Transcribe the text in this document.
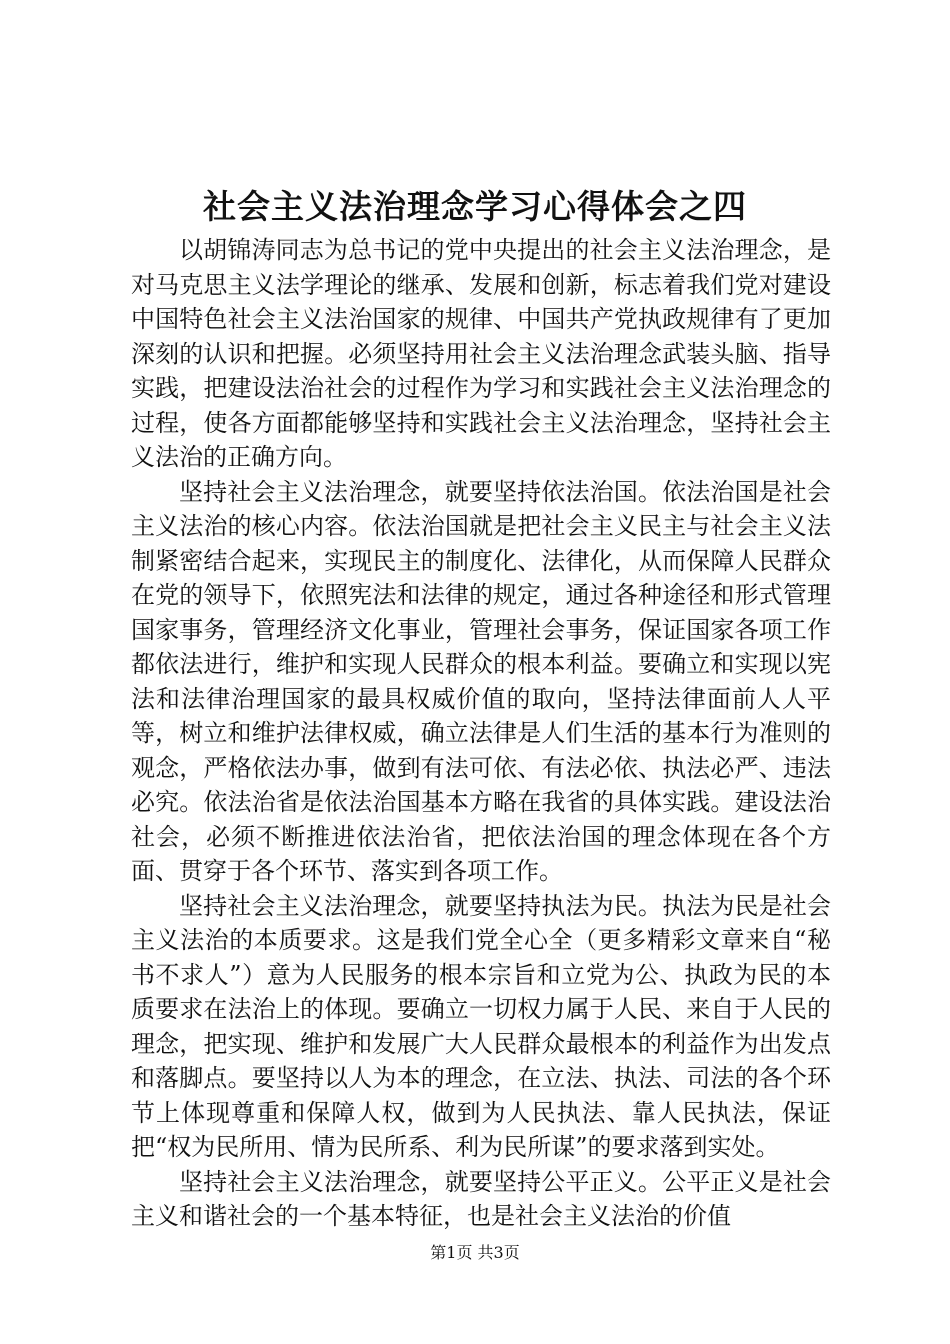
社会主义法治理念学习心得体会之四

以胡锦涛同志为总书记的党中央提出的社会主义法治理念，是对马克思主义法学理论的继承、发展和创新，标志着我们党对建设中国特色社会主义法治国家的规律、中国共产党执政规律有了更加深刻的认识和把握。必须坚持用社会主义法治理念武装头脑、指导实践，把建设法治社会的过程作为学习和实践社会主义法治理念的过程，使各方面都能够坚持和实践社会主义法治理念，坚持社会主义法治的正确方向。

坚持社会主义法治理念，就要坚持依法治国。依法治国是社会主义法治的核心内容。依法治国就是把社会主义民主与社会主义法制紧密结合起来，实现民主的制度化、法律化，从而保障人民群众在党的领导下，依照宪法和法律的规定，通过各种途径和形式管理国家事务，管理经济文化事业，管理社会事务，保证国家各项工作都依法进行，维护和实现人民群众的根本利益。要确立和实现以宪法和法律治理国家的最具权威价值的取向，坚持法律面前人人平等，树立和维护法律权威，确立法律是人们生活的基本行为准则的观念，严格依法办事，做到有法可依、有法必依、执法必严、违法必究。依法治省是依法治国基本方略在我省的具体实践。建设法治社会，必须不断推进依法治省，把依法治国的理念体现在各个方面、贯穿于各个环节、落实到各项工作。

坚持社会主义法治理念，就要坚持执法为民。执法为民是社会主义法治的本质要求。这是我们党全心全（更多精彩文章来自“秘书不求人”）意为人民服务的根本宗旨和立党为公、执政为民的本质要求在法治上的体现。要确立一切权力属于人民、来自于人民的理念，把实现、维护和发展广大人民群众最根本的利益作为出发点和落脚点。要坚持以人为本的理念，在立法、执法、司法的各个环节上体现尊重和保障人权，做到为人民执法、靠人民执法，保证把“权为民所用、情为民所系、利为民所谋”的要求落到实处。

坚持社会主义法治理念，就要坚持公平正义。公平正义是社会主义和谐社会的一个基本特征，也是社会主义法治的价值

第1页 共3页
